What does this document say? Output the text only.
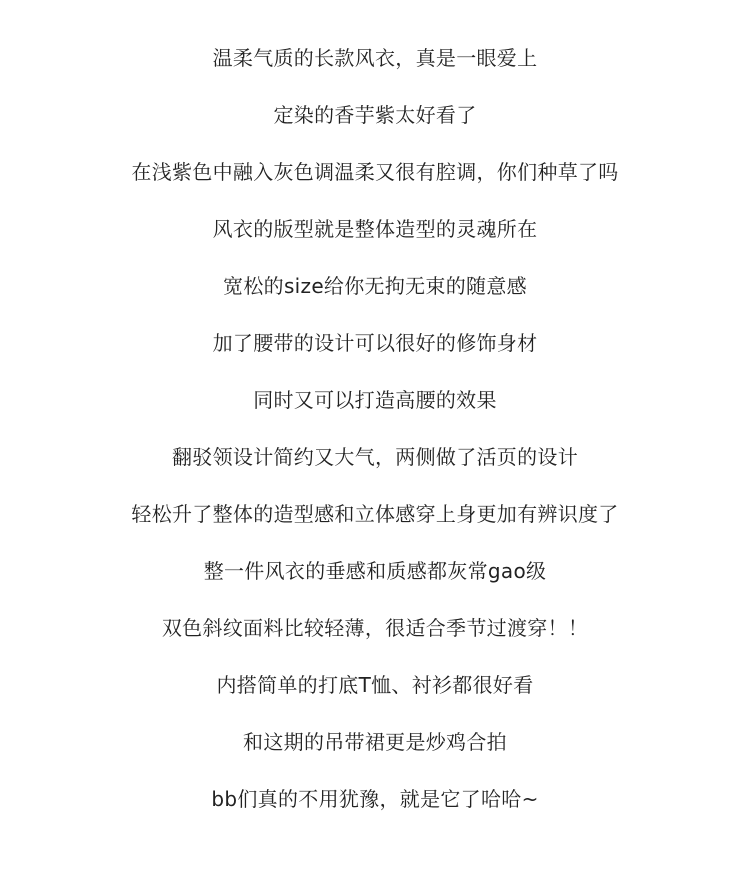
温柔气质的长款风衣，真是一眼爱上
定染的香芋紫太好看了
在浅紫色中融入灰色调温柔又很有腔调，你们种草了吗
风衣的版型就是整体造型的灵魂所在
宽松的size给你无拘无束的随意感
加了腰带的设计可以很好的修饰身材
同时又可以打造高腰的效果
翻驳领设计简约又大气，两侧做了活页的设计
轻松升了整体的造型感和立体感穿上身更加有辨识度了
整一件风衣的垂感和质感都灰常gao级
双色斜纹面料比较轻薄，很适合季节过渡穿！！
内搭简单的打底T恤、衬衫都很好看
和这期的吊带裙更是炒鸡合拍
bb们真的不用犹豫，就是它了哈哈~
